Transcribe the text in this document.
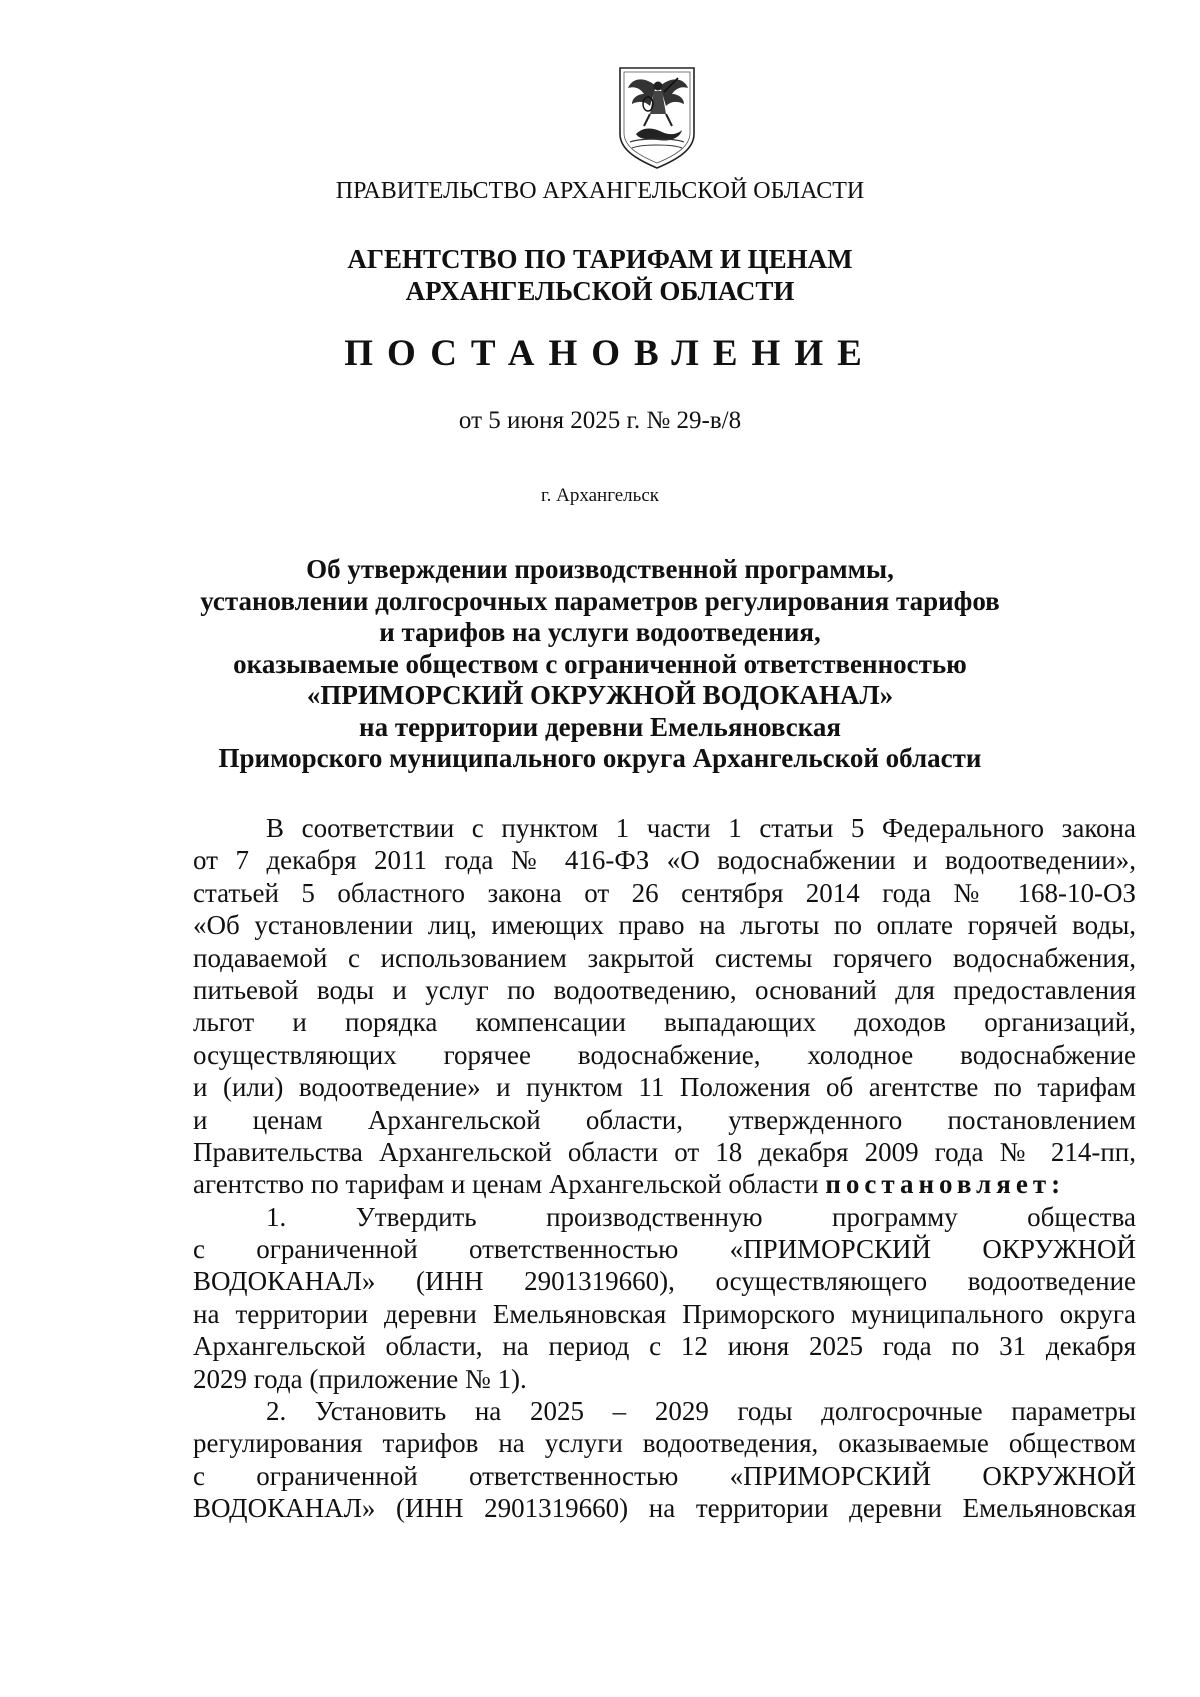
ПРАВИТЕЛЬСТВО АРХАНГЕЛЬСКОЙ ОБЛАСТИ
АГЕНТСТВО ПО ТАРИФАМ И ЦЕНАМ
АРХАНГЕЛЬСКОЙ ОБЛАСТИ
ПОСТАНОВЛЕНИЕ
от 5 июня 2025 г. № 29-в/8
г. Архангельск
Об утверждении производственной программы,
установлении долгосрочных параметров регулирования тарифов
и тарифов на услуги водоотведения,
оказываемые обществом с ограниченной ответственностью
«ПРИМОРСКИЙ ОКРУЖНОЙ ВОДОКАНАЛ»
на территории деревни Емельяновская
Приморского муниципального округа Архангельской области
В соответствии с пунктом 1 части 1 статьи 5 Федерального закона
от 7 декабря 2011 года № 416-ФЗ «О водоснабжении и водоотведении»,
статьей 5 областного закона от 26 сентября 2014 года № 168-10-ОЗ
«Об установлении лиц, имеющих право на льготы по оплате горячей воды,
подаваемой с использованием закрытой системы горячего водоснабжения,
питьевой воды и услуг по водоотведению, оснований для предоставления
льгот и порядка компенсации выпадающих доходов организаций,
осуществляющих горячее водоснабжение, холодное водоснабжение
и (или) водоотведение» и пунктом 11 Положения об агентстве по тарифам
и ценам Архангельской области, утвержденного постановлением
Правительства Архангельской области от 18 декабря 2009 года № 214-пп,
агентство по тарифам и ценам Архангельской области постановляет:
1. Утвердить производственную программу общества
с ограниченной ответственностью «ПРИМОРСКИЙ ОКРУЖНОЙ
ВОДОКАНАЛ» (ИНН 2901319660), осуществляющего водоотведение
на территории деревни Емельяновская Приморского муниципального округа
Архангельской области, на период с 12 июня 2025 года по 31 декабря
2029 года (приложение № 1).
2. Установить на 2025 – 2029 годы долгосрочные параметры
регулирования тарифов на услуги водоотведения, оказываемые обществом
с ограниченной ответственностью «ПРИМОРСКИЙ ОКРУЖНОЙ
ВОДОКАНАЛ» (ИНН 2901319660) на территории деревни Емельяновская
